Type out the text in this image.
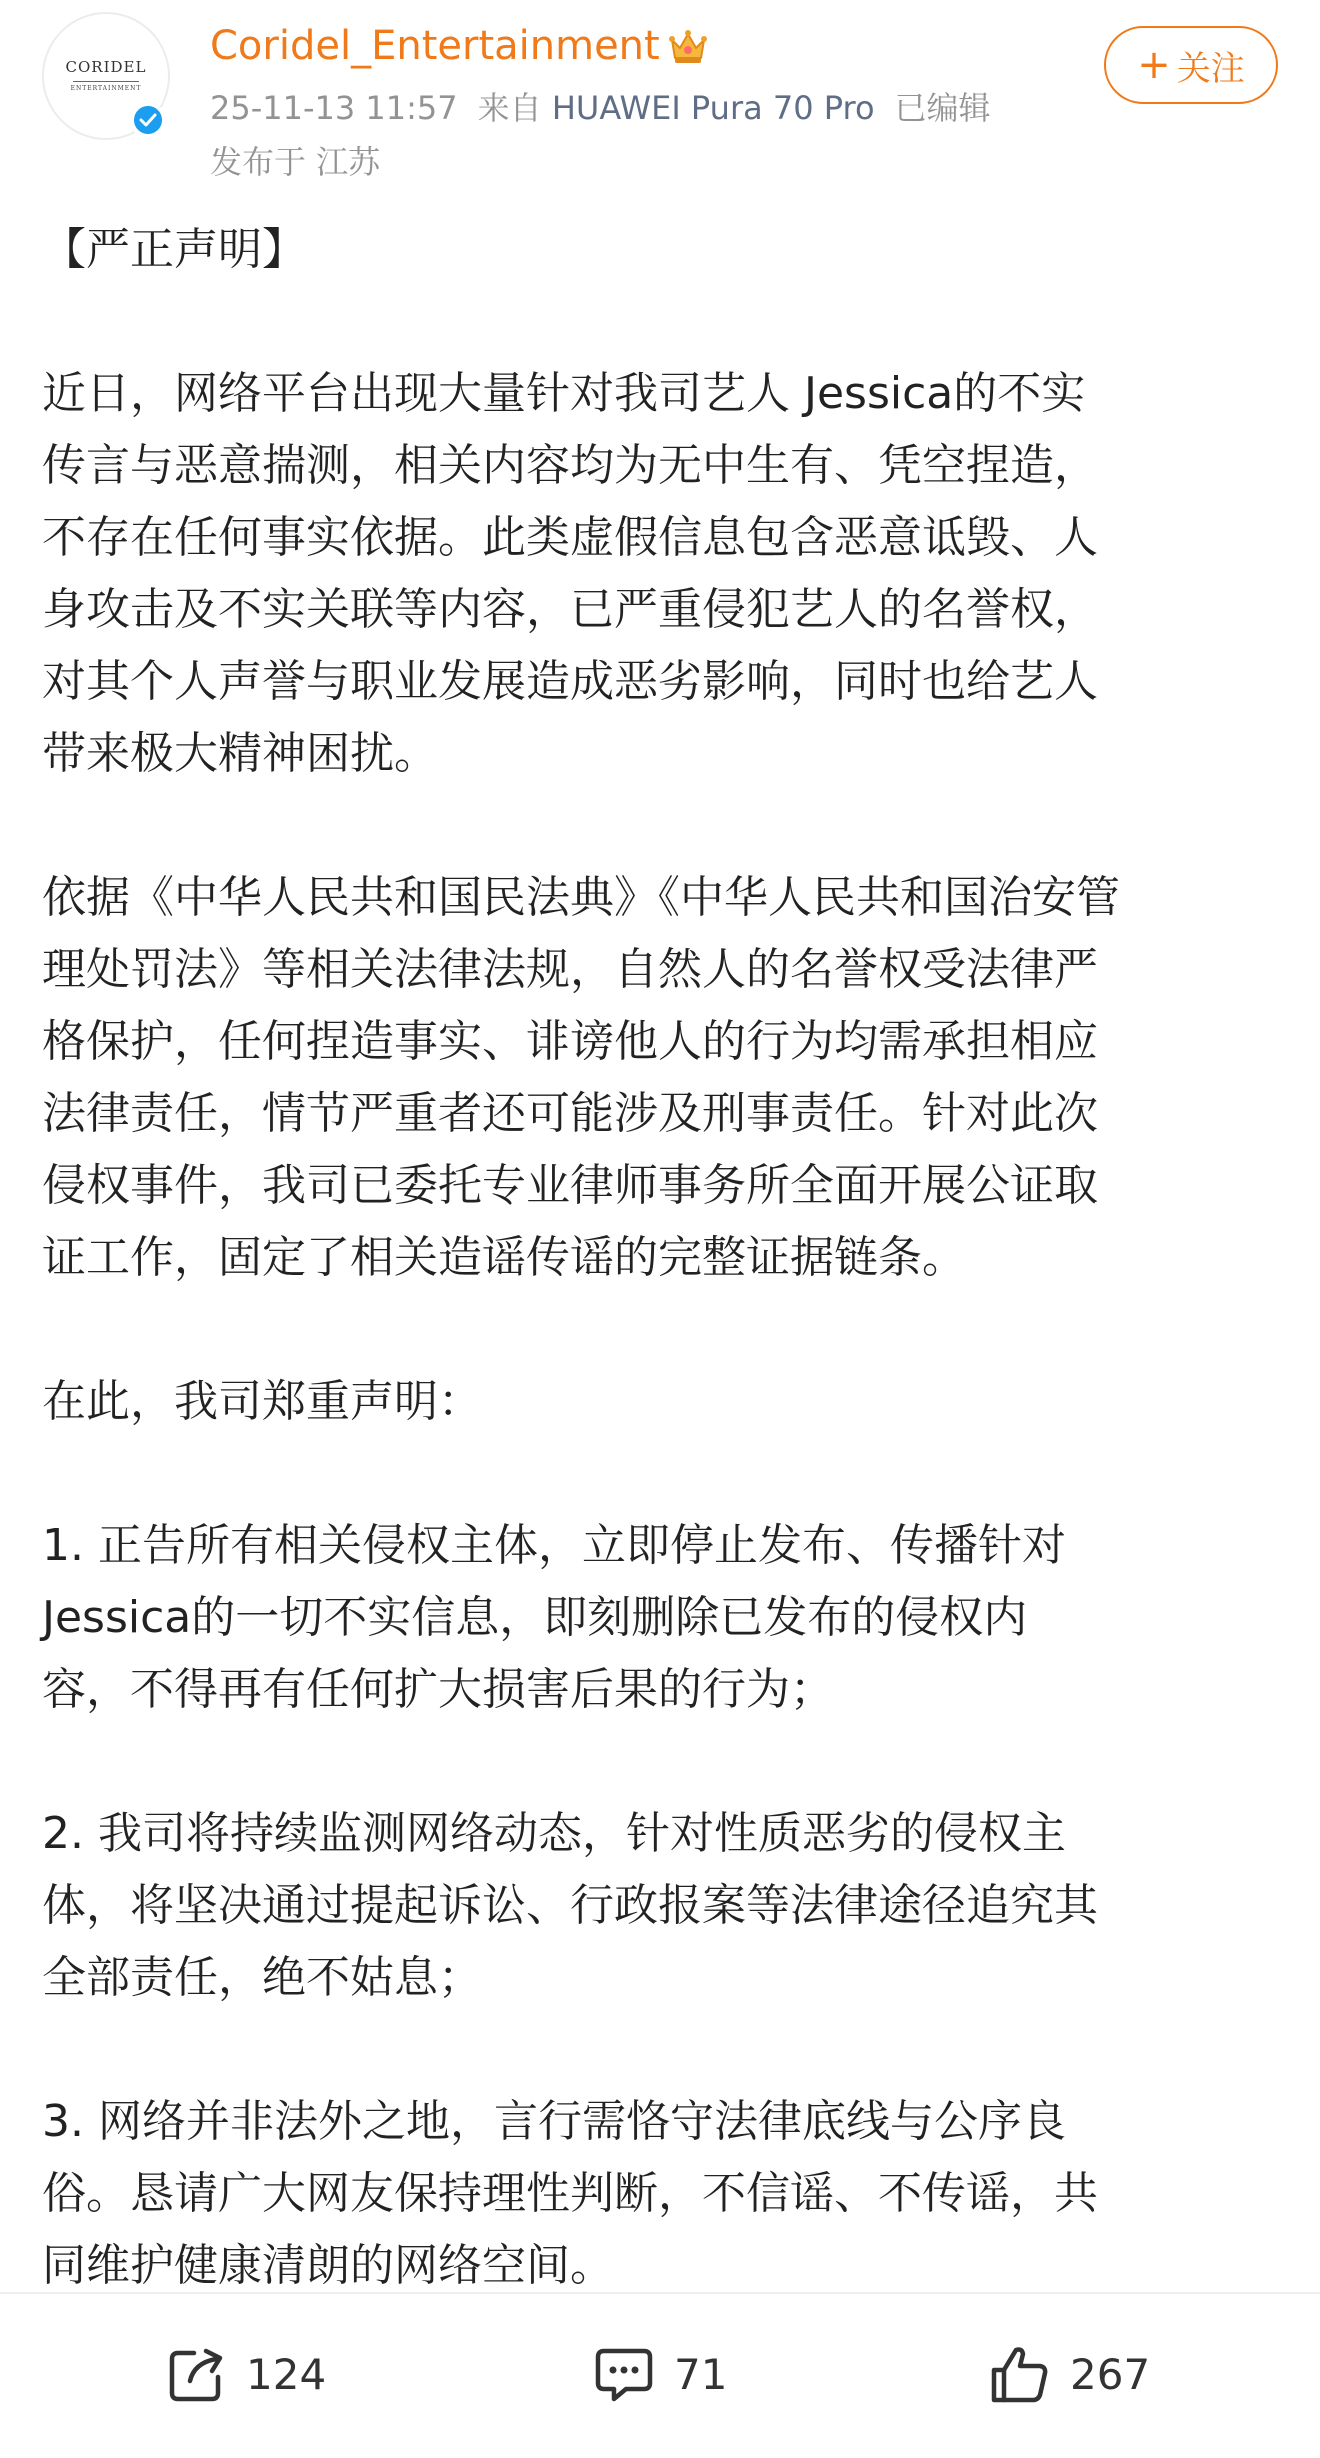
CORIDEL
ENTERTAINMENT
Coridel_Entertainment
25-11-13 11:57 来自 HUAWEI Pura 70 Pro 已编辑
发布于 江苏
+ 关注

【严正声明】

近日，网络平台出现大量针对我司艺人 Jessica的不实

传言与恶意揣测，相关内容均为无中生有、凭空捏造，

不存在任何事实依据。此类虚假信息包含恶意诋毁、人

身攻击及不实关联等内容，已严重侵犯艺人的名誉权，

对其个人声誉与职业发展造成恶劣影响，同时也给艺人

带来极大精神困扰。

依据《中华人民共和国民法典》《中华人民共和国治安管

理处罚法》等相关法律法规，自然人的名誉权受法律严

格保护，任何捏造事实、诽谤他人的行为均需承担相应

法律责任，情节严重者还可能涉及刑事责任。针对此次

侵权事件，我司已委托专业律师事务所全面开展公证取

证工作，固定了相关造谣传谣的完整证据链条。

在此，我司郑重声明：

1. 正告所有相关侵权主体，立即停止发布、传播针对

Jessica的一切不实信息，即刻删除已发布的侵权内

容，不得再有任何扩大损害后果的行为；

2. 我司将持续监测网络动态，针对性质恶劣的侵权主

体，将坚决通过提起诉讼、行政报案等法律途径追究其

全部责任，绝不姑息；

3. 网络并非法外之地，言行需恪守法律底线与公序良

俗。恳请广大网友保持理性判断，不信谣、不传谣，共

同维护健康清朗的网络空间。

124	71	267
